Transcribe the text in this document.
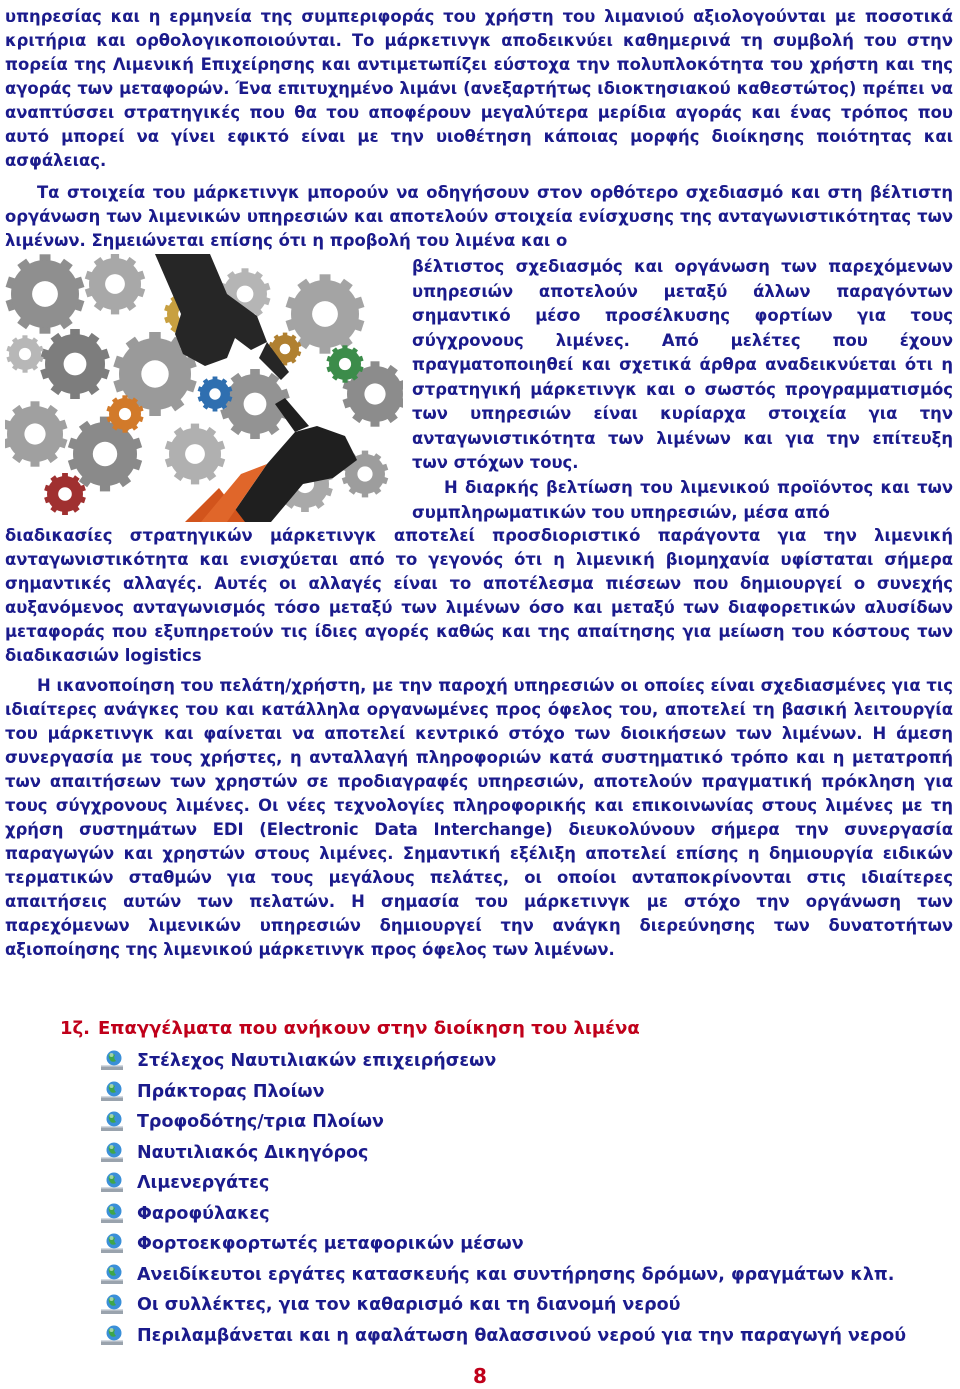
υπηρεσίας και η ερμηνεία της συμπεριφοράς του χρήστη του λιμανιού αξιολογούνται με ποσοτικά κριτήρια και ορθολογικοποιούνται. Το μάρκετινγκ αποδεικνύει καθημερινά τη συμβολή του στην πορεία της Λιμενική Επιχείρησης και αντιμετωπίζει εύστοχα την πολυπλοκότητα του χρήστη και της αγοράς των μεταφορών. Ένα επιτυχημένο λιμάνι (ανεξαρτήτως ιδιοκτησιακού καθεστώτος) πρέπει να αναπτύσσει στρατηγικές που θα του αποφέρουν μεγαλύτερα μερίδια αγοράς και ένας τρόπος που αυτό μπορεί να γίνει εφικτό είναι με την υιοθέτηση κάποιας μορφής διοίκησης ποιότητας και ασφάλειας.

Τα στοιχεία του μάρκετινγκ μπορούν να οδηγήσουν στον ορθότερο σχεδιασμό και στη βέλτιστη οργάνωση των λιμενικών υπηρεσιών και αποτελούν στοιχεία ενίσχυσης της ανταγωνιστικότητας των λιμένων. Σημειώνεται επίσης ότι η προβολή του λιμένα και ο

βέλτιστος σχεδιασμός και οργάνωση των παρεχόμενων υπηρεσιών αποτελούν μεταξύ άλλων παραγόντων σημαντικό μέσο προσέλκυσης φορτίων για τους σύγχρονους λιμένες. Από μελέτες που έχουν πραγματοποιηθεί και σχετικά άρθρα αναδεικνύεται ότι η στρατηγική μάρκετινγκ και ο σωστός προγραμματισμός των υπηρεσιών είναι κυρίαρχα στοιχεία για την ανταγωνιστικότητα των λιμένων και για την επίτευξη των στόχων τους.

Η διαρκής βελτίωση του λιμενικού προϊόντος και των συμπληρωματικών του υπηρεσιών, μέσα από

διαδικασίες στρατηγικών μάρκετινγκ αποτελεί προσδιοριστικό παράγοντα για την λιμενική ανταγωνιστικότητα και ενισχύεται από το γεγονός ότι η λιμενική βιομηχανία υφίσταται σήμερα σημαντικές αλλαγές. Αυτές οι αλλαγές είναι το αποτέλεσμα πιέσεων που δημιουργεί ο συνεχής αυξανόμενος ανταγωνισμός τόσο μεταξύ των λιμένων όσο και μεταξύ των διαφορετικών αλυσίδων μεταφοράς που εξυπηρετούν τις ίδιες αγορές καθώς και της απαίτησης για μείωση του κόστους των διαδικασιών logistics

Η ικανοποίηση του πελάτη/χρήστη, με την παροχή υπηρεσιών οι οποίες είναι σχεδιασμένες για τις ιδιαίτερες ανάγκες του και κατάλληλα οργανωμένες προς όφελος του, αποτελεί τη βασική λειτουργία του μάρκετινγκ και φαίνεται να αποτελεί κεντρικό στόχο των διοικήσεων των λιμένων. Η άμεση συνεργασία με τους χρήστες, η ανταλλαγή πληροφοριών κατά συστηματικό τρόπο και η μετατροπή των απαιτήσεων των χρηστών σε προδιαγραφές υπηρεσιών, αποτελούν πραγματική πρόκληση για τους σύγχρονους λιμένες. Οι νέες τεχνολογίες πληροφορικής και επικοινωνίας στους λιμένες με τη χρήση συστημάτων EDI (Electronic Data Interchange) διευκολύνουν σήμερα την συνεργασία παραγωγών και χρηστών στους λιμένες. Σημαντική εξέλιξη αποτελεί επίσης η δημιουργία ειδικών τερματικών σταθμών για τους μεγάλους πελάτες, οι οποίοι ανταποκρίνονται στις ιδιαίτερες απαιτήσεις αυτών των πελατών. Η σημασία του μάρκετινγκ με στόχο την οργάνωση των παρεχόμενων λιμενικών υπηρεσιών δημιουργεί την ανάγκη διερεύνησης των δυνατοτήτων αξιοποίησης της λιμενικού μάρκετινγκ προς όφελος των λιμένων.

1ζ. Επαγγέλματα που ανήκουν στην διοίκηση του λιμένα
Στέλεχος Ναυτιλιακών επιχειρήσεων
Πράκτορας Πλοίων
Τροφοδότης/τρια Πλοίων
Ναυτιλιακός Δικηγόρος
Λιμενεργάτες
Φαροφύλακες
Φορτοεκφορτωτές μεταφορικών μέσων
Ανειδίκευτοι εργάτες κατασκευής και συντήρησης δρόμων, φραγμάτων κλπ.
Οι συλλέκτες, για τον καθαρισμό και τη διανομή νερού
Περιλαμβάνεται και η αφαλάτωση θαλασσινού νερού για την παραγωγή νερού
8
